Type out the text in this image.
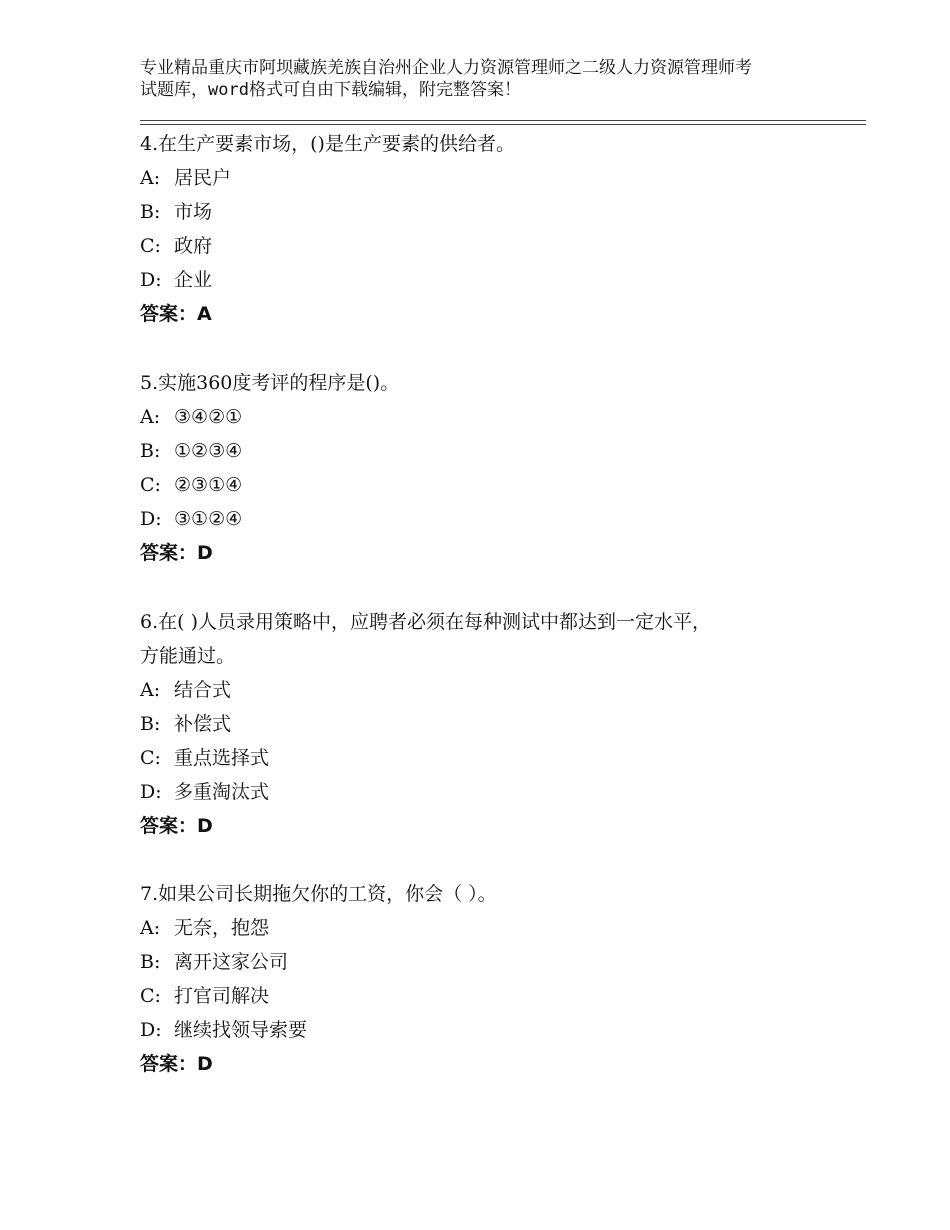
专业精品重庆市阿坝藏族羌族自治州企业人力资源管理师之二级人力资源管理师考
试题库，word格式可自由下载编辑，附完整答案！
4.在生产要素市场，()是生产要素的供给者。
A: 居民户
B: 市场
C: 政府
D: 企业
答案：A
5.实施360度考评的程序是()。
A: ③④②①
B: ①②③④
C: ②③①④
D: ③①②④
答案：D
6.在( )人员录用策略中，应聘者必须在每种测试中都达到一定水平，
方能通过。
A: 结合式
B: 补偿式
C: 重点选择式
D: 多重淘汰式
答案：D
7.如果公司长期拖欠你的工资，你会（ ）。
A: 无奈，抱怨
B: 离开这家公司
C: 打官司解决
D: 继续找领导索要
答案：D
